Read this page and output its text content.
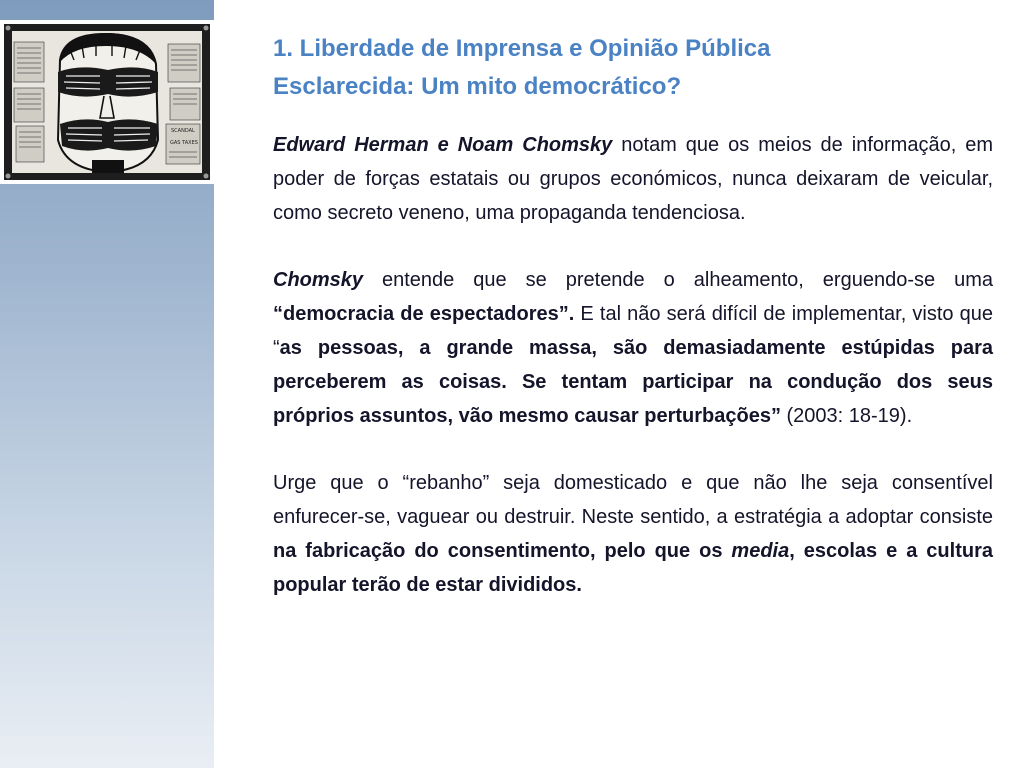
SCANDAL
GAS TAXES
1. Liberdade de Imprensa e Opinião Pública
Esclarecida: Um mito democrático?

Edward Herman e Noam Chomsky notam que os meios de informação, em poder de forças estatais ou grupos económicos, nunca deixaram de veicular, como secreto veneno, uma propaganda tendenciosa.

Chomsky entende que se pretende o alheamento, erguendo-se uma “democracia de espectadores”. E tal não será difícil de implementar, visto que “as pessoas, a grande massa, são demasiadamente estúpidas para perceberem as coisas. Se tentam participar na condução dos seus próprios assuntos, vão mesmo causar perturbações” (2003: 18-19).

Urge que o “rebanho” seja domesticado e que não lhe seja consentível enfurecer-se, vaguear ou destruir. Neste sentido, a estratégia a adoptar consiste na fabricação do consentimento, pelo que os media, escolas e a cultura popular terão de estar divididos.
